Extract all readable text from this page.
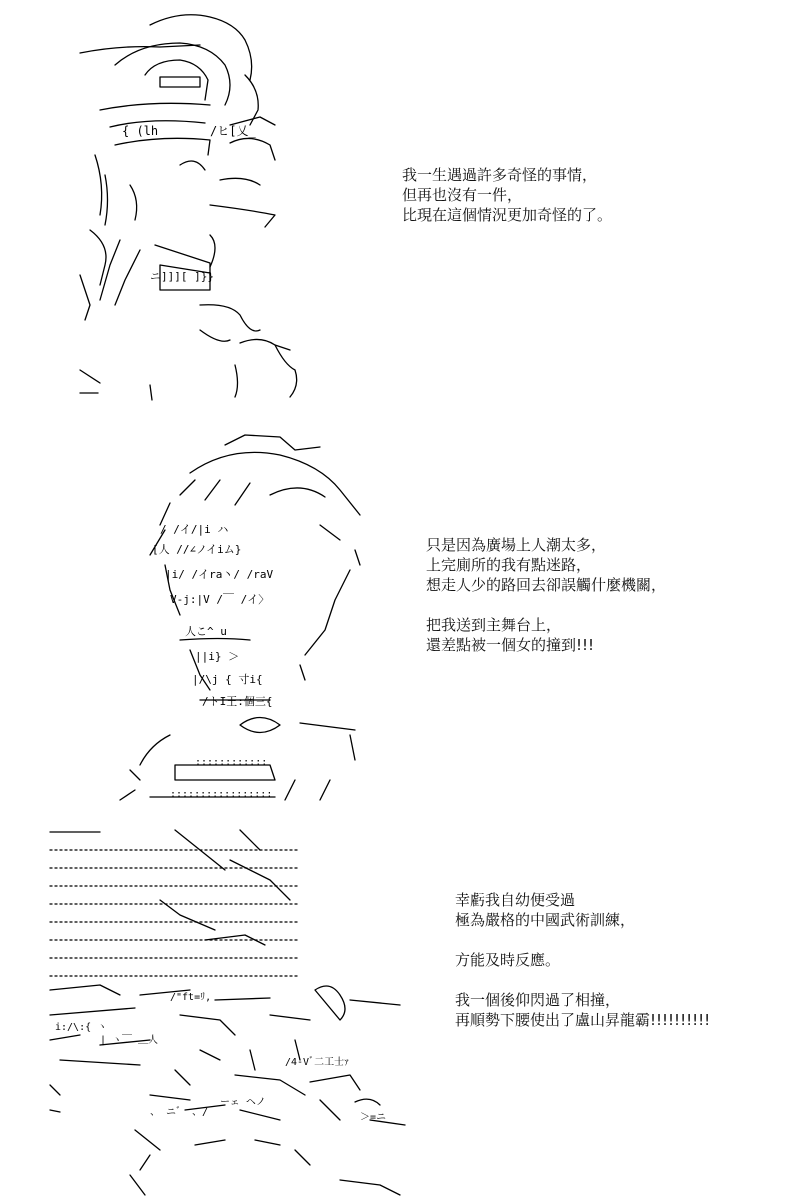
{ (lh	/ヒ[乂_
ニ]]][ ]}}
我一生遇過許多奇怪的事情，
但再也沒有一件，
比現在這個情況更加奇怪的了。
/ /イ/|i ハ
[人 //∠ノイiム}
|i/ /イra丶/ /raV
V-j:|V /￣ /イ〉
人こ^ u
||i} ＞
|/\j { 寸i{
/トI王:個三{
::::::::::::
:::::::::::::::::
只是因為廣場上人潮太多，
上完廁所的我有點迷路，
想走人少的路回去卻誤觸什麼機關，
把我送到主舞台上，
還差點被一個女的撞到!!!
| ヽ￣ ＿人
/4-Vﾞ二工士ｧ
ーェ ヘノ
＞=ニ
、 ニ゛ 、/
/"ft=ﾘ,
i:/\:{ ヽ
幸虧我自幼便受過
極為嚴格的中國武術訓練，
方能及時反應。
我一個後仰閃過了相撞，
再順勢下腰使出了盧山昇龍霸!!!!!!!!!!
